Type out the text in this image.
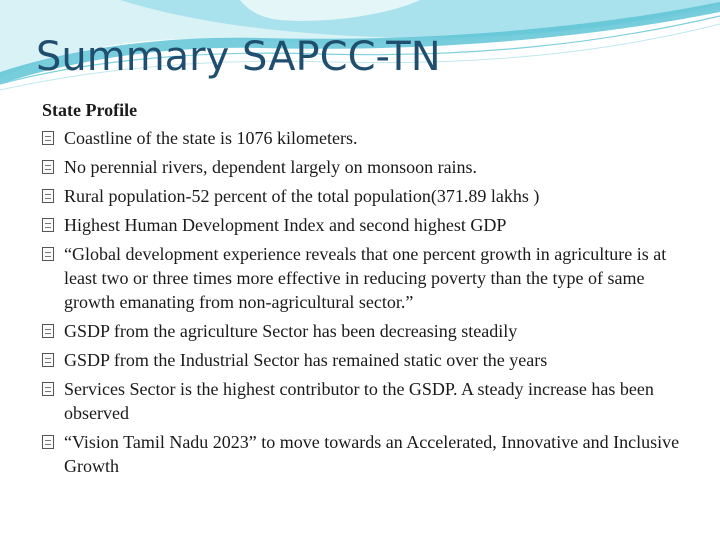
Summary SAPCC-TN
State Profile
Coastline of the state is 1076 kilometers.
No perennial rivers, dependent largely on monsoon rains.
Rural population-52 percent of the total population(371.89 lakhs )
Highest Human Development Index and second highest GDP
“Global development experience reveals that one percent growth in agriculture is at least two or three times more effective in reducing poverty than the type of same growth emanating from non-agricultural sector.”
GSDP from the agriculture Sector has been decreasing steadily
GSDP from the Industrial Sector has remained static over the years
Services Sector is the highest contributor to the GSDP. A steady increase has been observed
“Vision Tamil Nadu 2023” to move towards an Accelerated, Innovative and Inclusive Growth
